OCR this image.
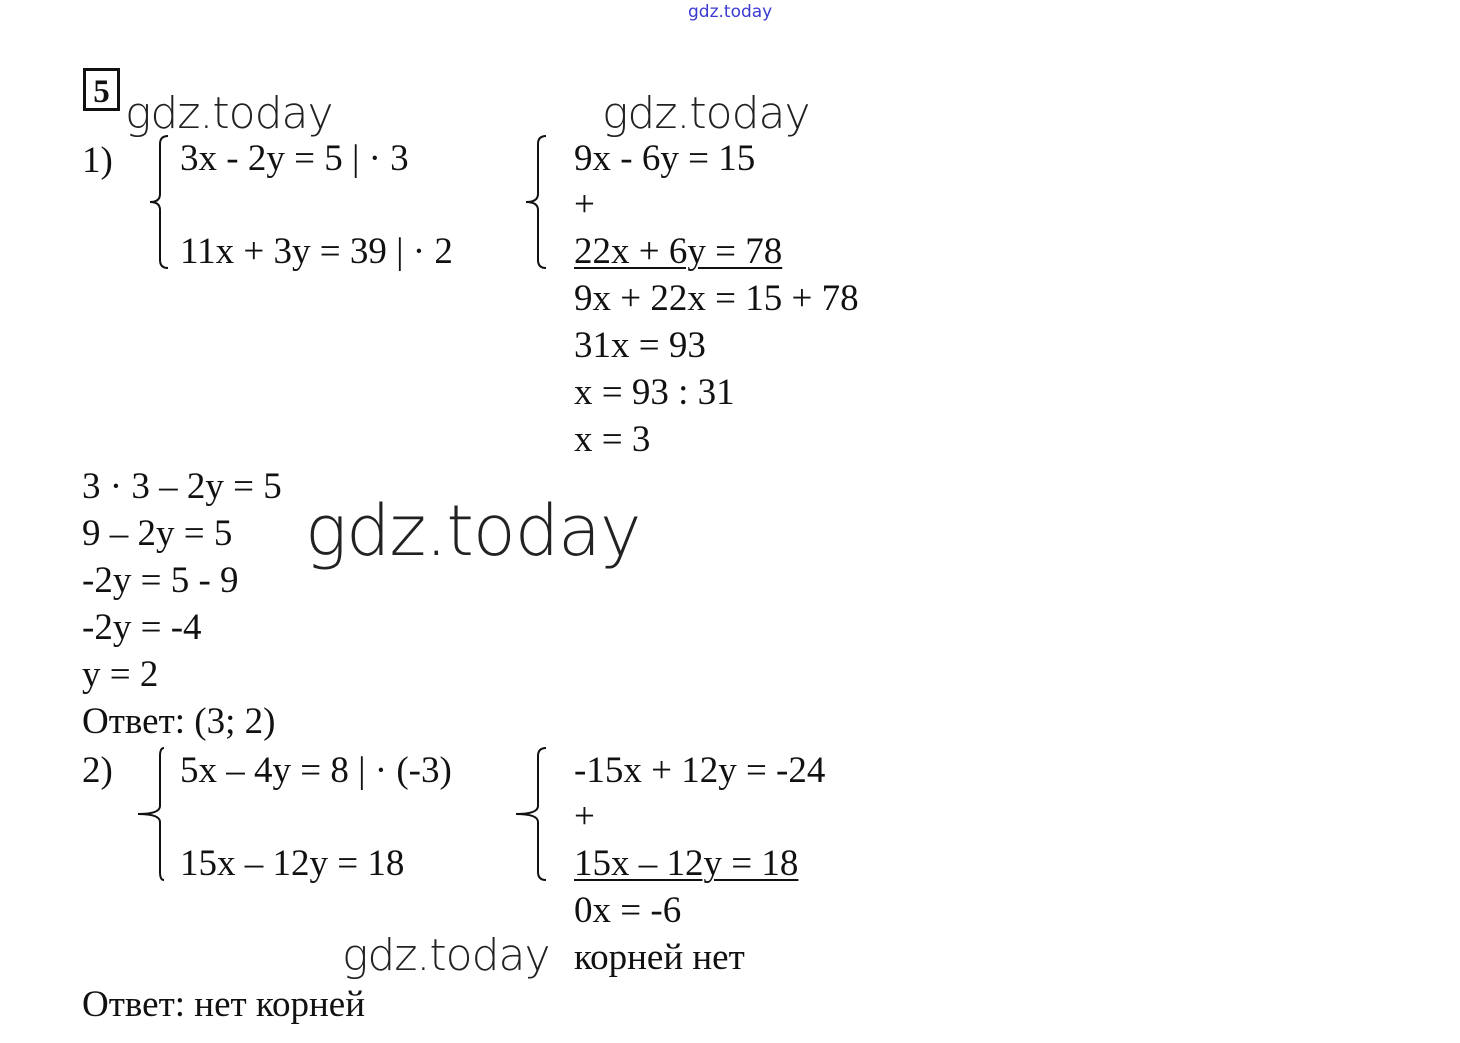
gdz.today
5 gdz.today	gdz.today
gdz.today
gdz.today
1) 3x - 2y = 5 | · 3
11x + 3y = 39 | · 2
9x - 6y = 15
+
22x + 6y = 78
9x + 22x = 15 + 78
31x = 93
x = 93 : 31
x = 3
3 · 3 – 2y = 5
9 – 2y = 5
-2y = 5 - 9
-2y = -4
y = 2
Ответ: (3; 2)
2) 5x – 4y = 8 | · (-3)
15x – 12y = 18
-15x + 12y = -24
+
15x – 12y = 18
0x = -6
корней нет
Ответ: нет корней
